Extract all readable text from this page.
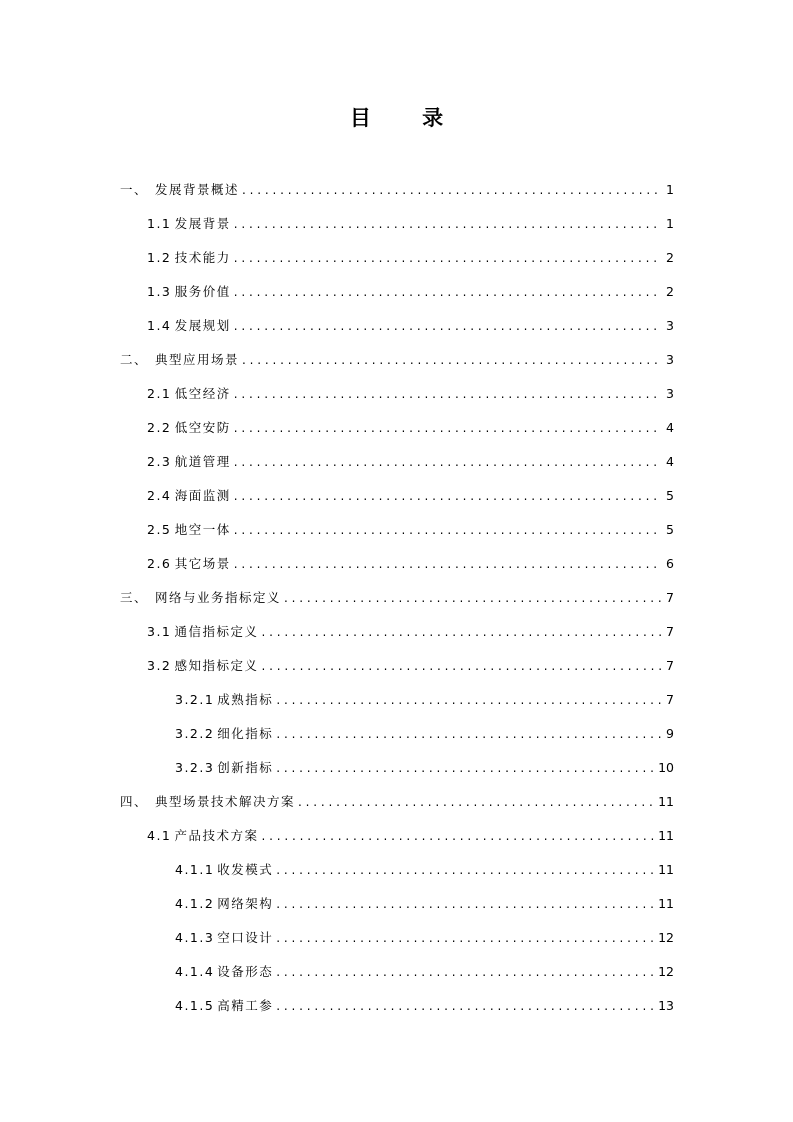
目 录
一、 发展背景概述 . . .	1
1.1 发展背景 . . .	1
1.2 技术能力 . . .	2
1.3 服务价值 . . .	2
1.4 发展规划 . . .	3
二、 典型应用场景 . . .	3
2.1 低空经济 . . .	3
2.2 低空安防 . . .	4
2.3 航道管理 . . .	4
2.4 海面监测 . . .	5
2.5 地空一体 . . .	5
2.6 其它场景 . . .	6
三、 网络与业务指标定义 . . .	7
3.1 通信指标定义 . . .	7
3.2 感知指标定义 . . .	7
3.2.1 成熟指标 . . .	7
3.2.2 细化指标 . . .	9
3.2.3 创新指标 . . .	10
四、 典型场景技术解决方案 . . .	11
4.1 产品技术方案 . . .	11
4.1.1 收发模式 . . .	11
4.1.2 网络架构 . . .	11
4.1.3 空口设计 . . .	12
4.1.4 设备形态 . . .	12
4.1.5 高精工参 . . .	13
